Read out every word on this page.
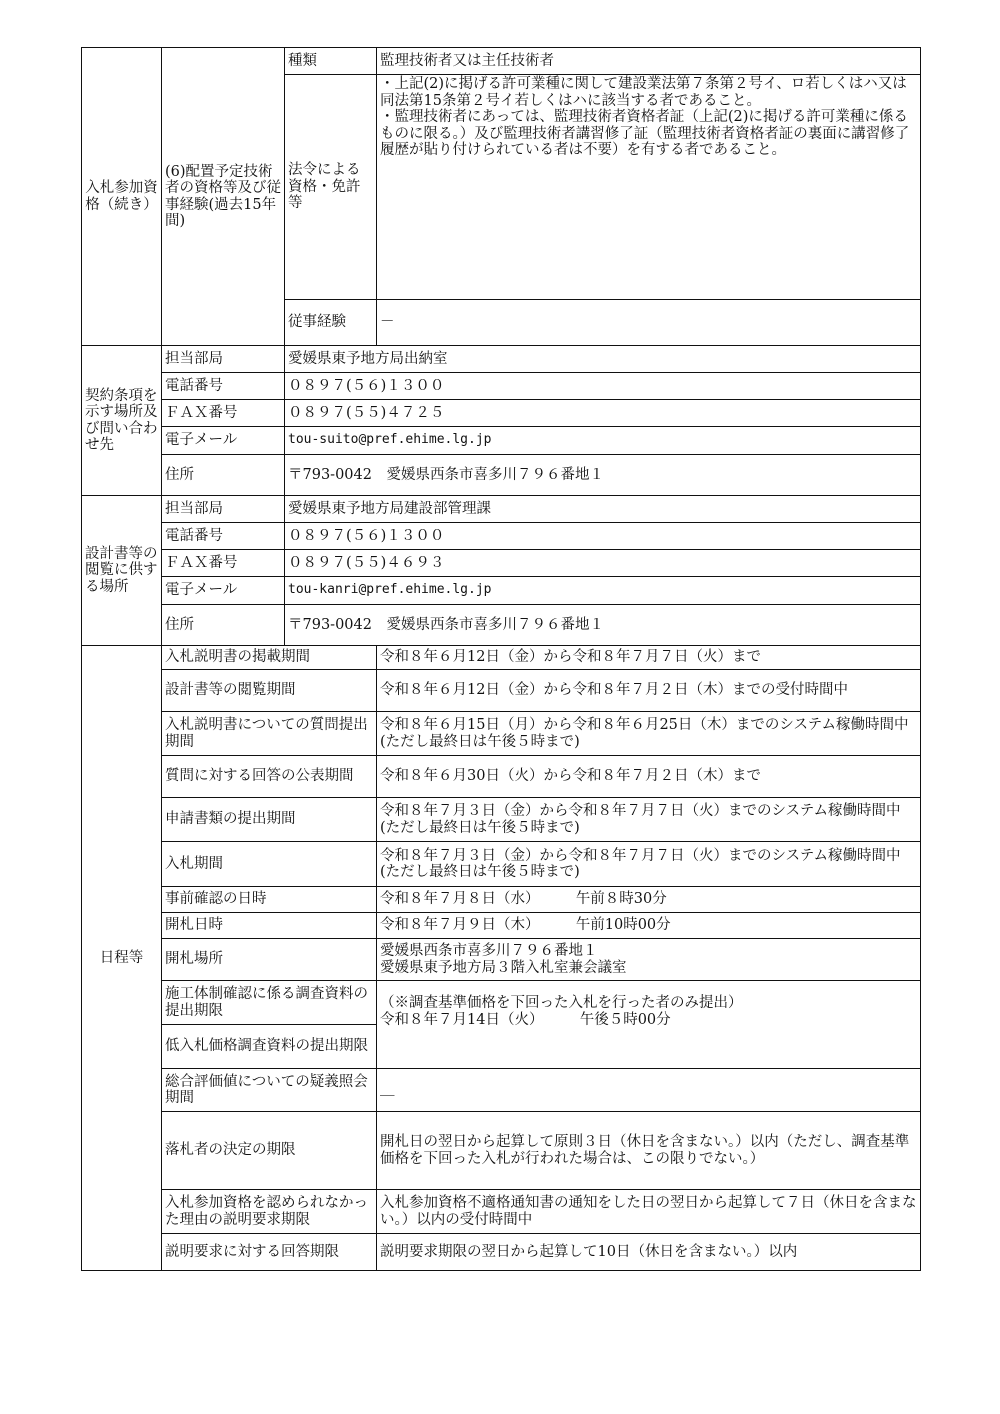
入札参加資格（続き）	(6)配置予定技術者の資格等及び従事経験(過去15年間)	種類	監理技術者又は主任技術者
		法令による資格・免許等	・上記(2)に掲げる許可業種に関して建設業法第７条第２号イ、ロ若しくはハ又は同法第15条第２号イ若しくはハに該当する者であること。
・監理技術者にあっては、監理技術者資格者証（上記(2)に掲げる許可業種に係るものに限る。）及び監理技術者講習修了証（監理技術者資格者証の裏面に講習修了履歴が貼り付けられている者は不要）を有する者であること。

		従事経験	－
契約条項を示す場所及び問い合わせ先	担当部局	愛媛県東予地方局出納室	
	電話番号	０８９７(５６)１３００	
	ＦＡＸ番号	０８９７(５５)４７２５	
	電子メール	tou-suito@pref.ehime.lg.jp	
	住所	〒793-0042　愛媛県西条市喜多川７９６番地１	
設計書等の閲覧に供する場所	担当部局	愛媛県東予地方局建設部管理課	
	電話番号	０８９７(５６)１３００	
	ＦＡＸ番号	０８９７(５５)４６９３	
	電子メール	tou-kanri@pref.ehime.lg.jp	
	住所	〒793-0042　愛媛県西条市喜多川７９６番地１	
日程等	入札説明書の掲載期間		令和８年６月12日（金）から令和８年７月７日（火）まで
	設計書等の閲覧期間		令和８年６月12日（金）から令和８年７月２日（木）までの受付時間中
	入札説明書についての質問提出期間		令和８年６月15日（月）から令和８年６月25日（木）までのシステム稼働時間中(ただし最終日は午後５時まで)
	質問に対する回答の公表期間		令和８年６月30日（火）から令和８年７月２日（木）まで
	申請書類の提出期間		令和８年７月３日（金）から令和８年７月７日（火）までのシステム稼働時間中(ただし最終日は午後５時まで)
	入札期間		令和８年７月３日（金）から令和８年７月７日（火）までのシステム稼働時間中(ただし最終日は午後５時まで)
	事前確認の日時		令和８年７月８日（水）　　　午前８時30分
	開札日時		令和８年７月９日（木）　　　午前10時00分
	開札場所		愛媛県西条市喜多川７９６番地１
愛媛県東予地方局３階入札室兼会議室

	施工体制確認に係る調査資料の提出期限		（※調査基準価格を下回った入札を行った者のみ提出）
令和８年７月14日（火）　　　午後５時00分

	低入札価格調査資料の提出期限		
	総合評価値についての疑義照会期間		＿
	落札者の決定の期限		開札日の翌日から起算して原則３日（休日を含まない。）以内（ただし、調査基準価格を下回った入札が行われた場合は、この限りでない。）
	入札参加資格を認められなかった理由の説明要求期限		入札参加資格不適格通知書の通知をした日の翌日から起算して７日（休日を含まない。）以内の受付時間中
	説明要求に対する回答期限		説明要求期限の翌日から起算して10日（休日を含まない。）以内
